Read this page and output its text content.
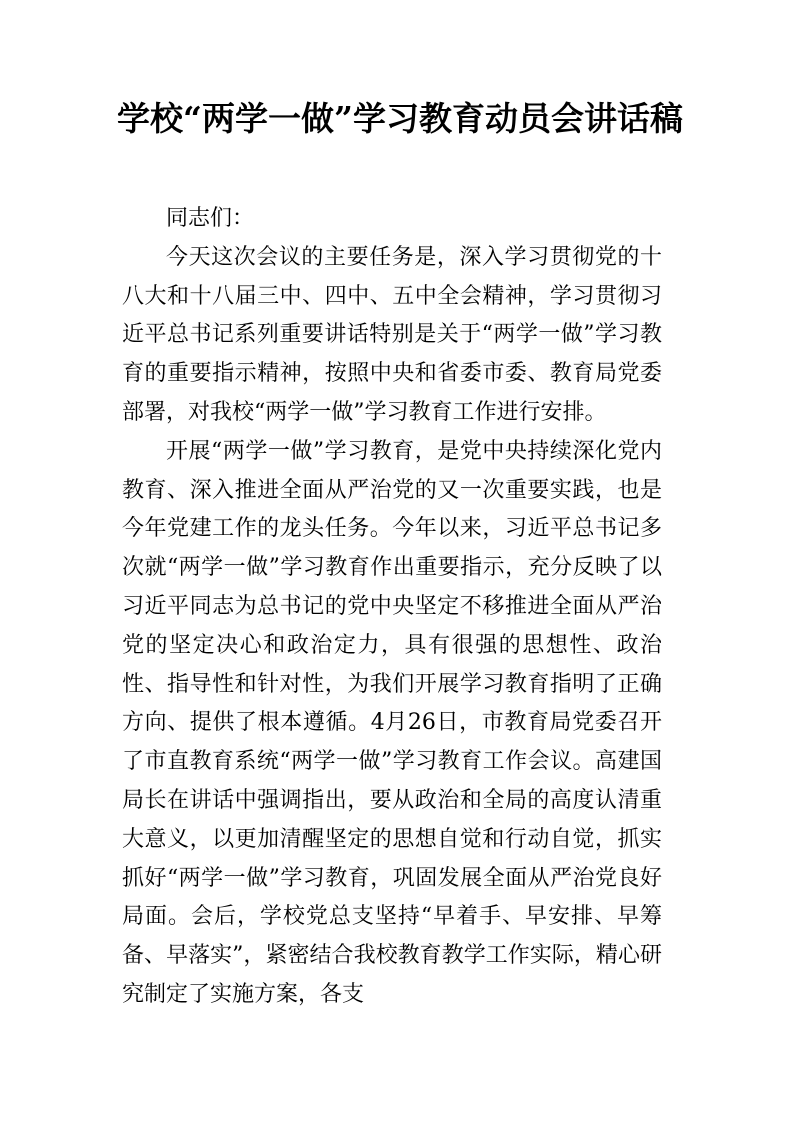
学校“两学一做”学习教育动员会讲话稿

同志们：

今天这次会议的主要任务是，深入学习贯彻党的十八大和十八届三中、四中、五中全会精神，学习贯彻习近平总书记系列重要讲话特别是关于“两学一做”学习教育的重要指示精神，按照中央和省委市委、教育局党委部署，对我校“两学一做”学习教育工作进行安排。

开展“两学一做”学习教育，是党中央持续深化党内教育、深入推进全面从严治党的又一次重要实践，也是今年党建工作的龙头任务。今年以来，习近平总书记多次就“两学一做”学习教育作出重要指示，充分反映了以习近平同志为总书记的党中央坚定不移推进全面从严治党的坚定决心和政治定力，具有很强的思想性、政治性、指导性和针对性，为我们开展学习教育指明了正确方向、提供了根本遵循。4月26日，市教育局党委召开了市直教育系统“两学一做”学习教育工作会议。高建国局长在讲话中强调指出，要从政治和全局的高度认清重大意义，以更加清醒坚定的思想自觉和行动自觉，抓实抓好“两学一做”学习教育，巩固发展全面从严治党良好局面。会后，学校党总支坚持“早着手、早安排、早筹备、早落实”，紧密结合我校教育教学工作实际，精心研究制定了实施方案，各支
